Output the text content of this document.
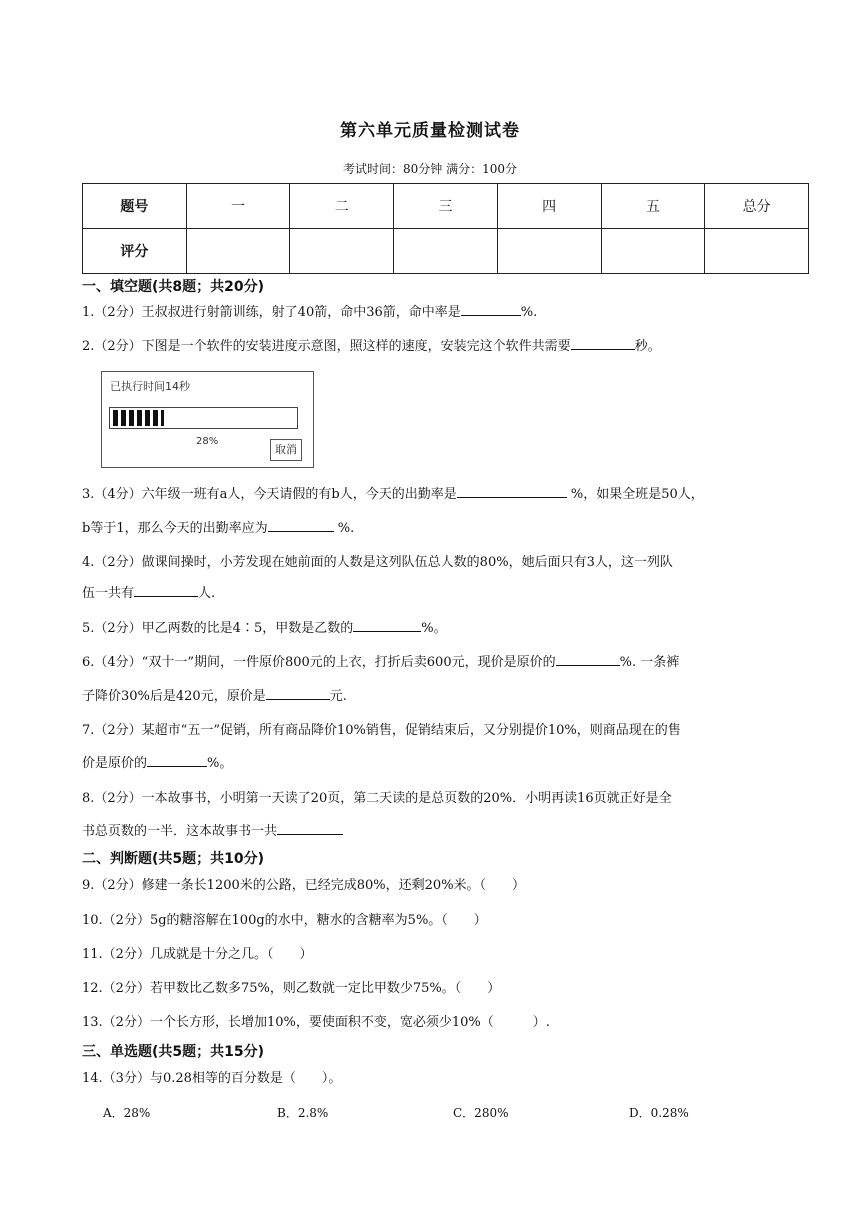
第六单元质量检测试卷
考试时间：80分钟 满分：100分
题号	一	二	三	四	五	总分
评分						
一、填空题(共8题；共20分)
1.（2分）王叔叔进行射箭训练，射了40箭，命中36箭，命中率是	%.
2.（2分）下图是一个软件的安装进度示意图，照这样的速度，安装完这个软件共需要	秒。
已执行时间14秒
28%
取消
3.（4分）六年级一班有a人，今天请假的有b人，今天的出勤率是	%，如果全班是50人，
b等于1，那么今天的出勤率应为	%.
4.（2分）做课间操时，小芳发现在她前面的人数是这列队伍总人数的80%，她后面只有3人，这一列队
伍一共有	人.
5.（2分）甲乙两数的比是4∶5，甲数是乙数的	%。
6.（4分）“双十一”期间，一件原价800元的上衣，打折后卖600元，现价是原价的	%. 一条裤
子降价30%后是420元，原价是	元.
7.（2分）某超市“五一”促销，所有商品降价10%销售，促销结束后，又分别提价10%，则商品现在的售
价是原价的	%。
8.（2分）一本故事书，小明第一天读了20页，第二天读的是总页数的20%．小明再读16页就正好是全
书总页数的一半．这本故事书一共
二、判断题(共5题；共10分)
9.（2分）修建一条长1200米的公路，已经完成80%，还剩20%米。（　　）
10.（2分）5g的糖溶解在100g的水中，糖水的含糖率为5%。（　　）
11.（2分）几成就是十分之几。（　　）
12.（2分）若甲数比乙数多75%，则乙数就一定比甲数少75%。（　　）
13.（2分）一个长方形，长增加10%，要使面积不变，宽必须少10%（　　　）.
三、单选题(共5题；共15分)
14.（3分）与0.28相等的百分数是（　　）。
A．28%	B．2.8%	C．280%	D．0.28%
